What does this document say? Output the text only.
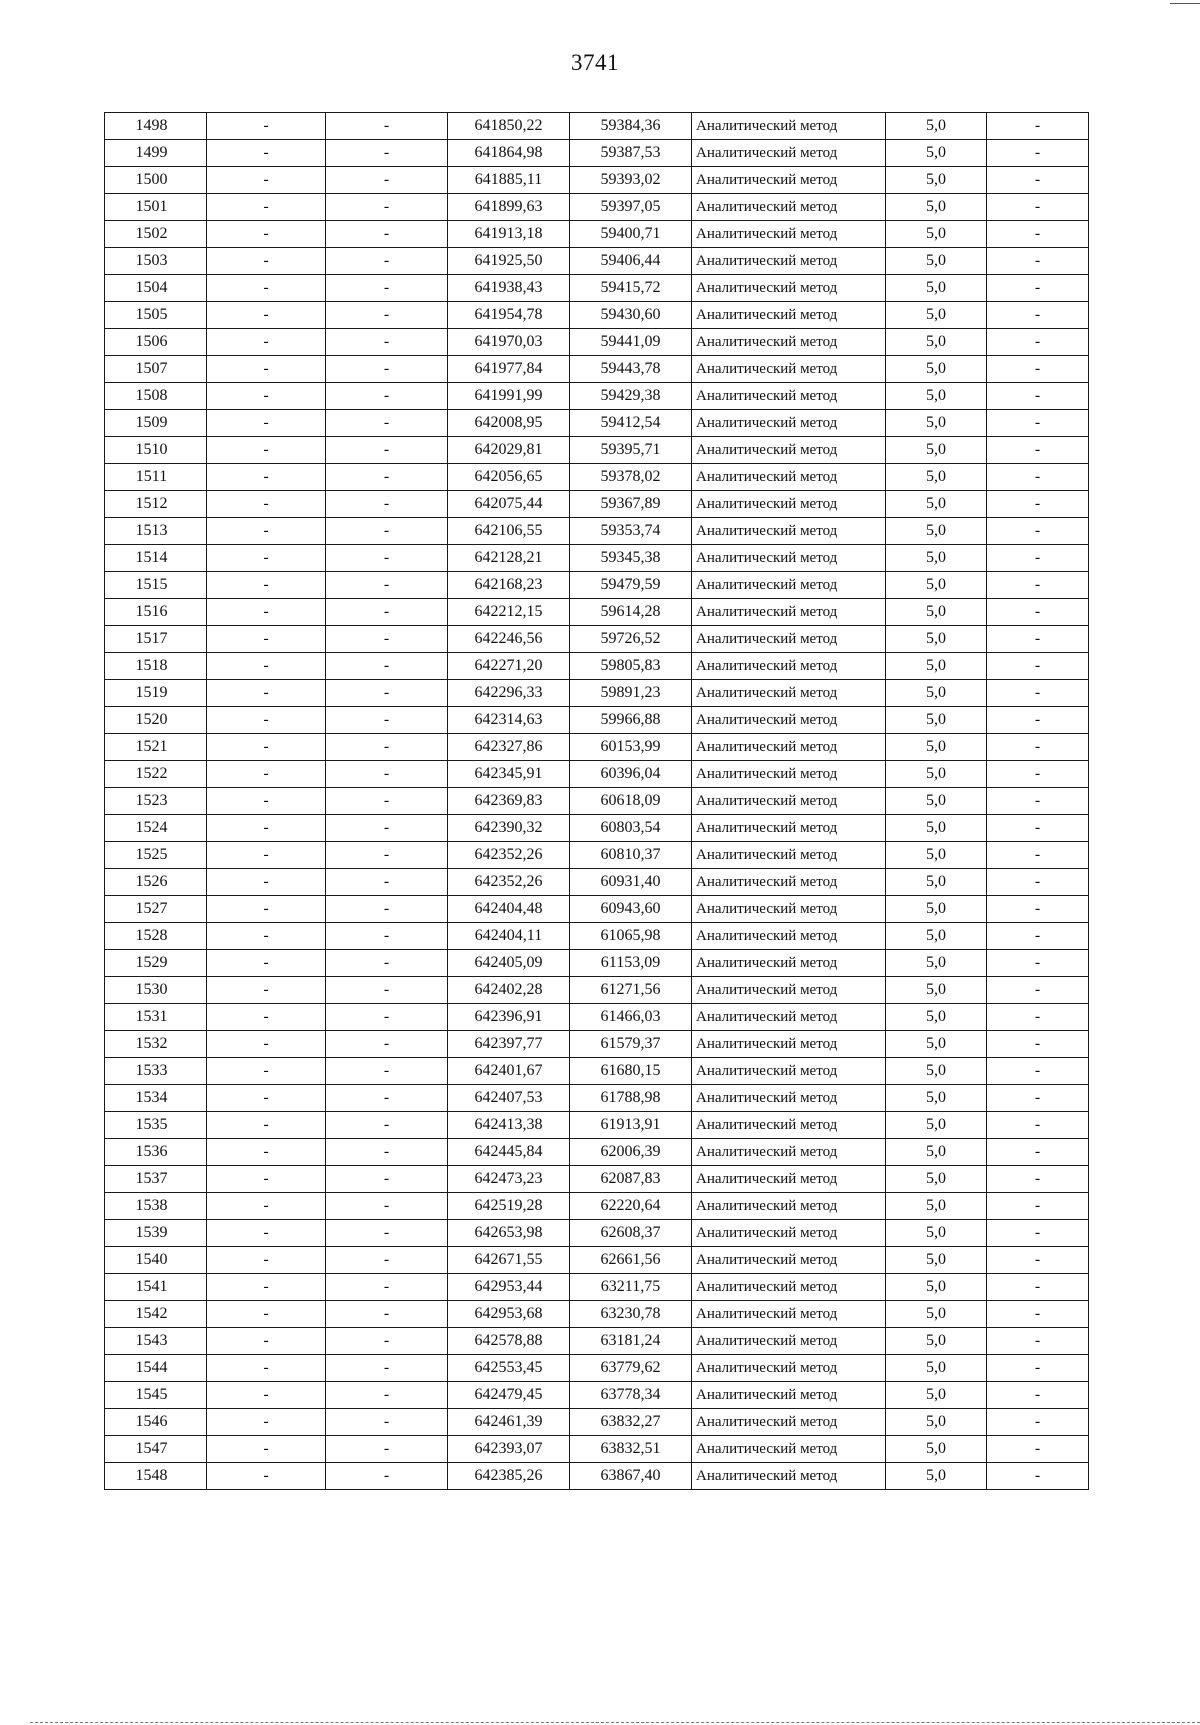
3741
1498	-	-	641850,22	59384,36	Аналитический метод	5,0	-
1499	-	-	641864,98	59387,53	Аналитический метод	5,0	-
1500	-	-	641885,11	59393,02	Аналитический метод	5,0	-
1501	-	-	641899,63	59397,05	Аналитический метод	5,0	-
1502	-	-	641913,18	59400,71	Аналитический метод	5,0	-
1503	-	-	641925,50	59406,44	Аналитический метод	5,0	-
1504	-	-	641938,43	59415,72	Аналитический метод	5,0	-
1505	-	-	641954,78	59430,60	Аналитический метод	5,0	-
1506	-	-	641970,03	59441,09	Аналитический метод	5,0	-
1507	-	-	641977,84	59443,78	Аналитический метод	5,0	-
1508	-	-	641991,99	59429,38	Аналитический метод	5,0	-
1509	-	-	642008,95	59412,54	Аналитический метод	5,0	-
1510	-	-	642029,81	59395,71	Аналитический метод	5,0	-
1511	-	-	642056,65	59378,02	Аналитический метод	5,0	-
1512	-	-	642075,44	59367,89	Аналитический метод	5,0	-
1513	-	-	642106,55	59353,74	Аналитический метод	5,0	-
1514	-	-	642128,21	59345,38	Аналитический метод	5,0	-
1515	-	-	642168,23	59479,59	Аналитический метод	5,0	-
1516	-	-	642212,15	59614,28	Аналитический метод	5,0	-
1517	-	-	642246,56	59726,52	Аналитический метод	5,0	-
1518	-	-	642271,20	59805,83	Аналитический метод	5,0	-
1519	-	-	642296,33	59891,23	Аналитический метод	5,0	-
1520	-	-	642314,63	59966,88	Аналитический метод	5,0	-
1521	-	-	642327,86	60153,99	Аналитический метод	5,0	-
1522	-	-	642345,91	60396,04	Аналитический метод	5,0	-
1523	-	-	642369,83	60618,09	Аналитический метод	5,0	-
1524	-	-	642390,32	60803,54	Аналитический метод	5,0	-
1525	-	-	642352,26	60810,37	Аналитический метод	5,0	-
1526	-	-	642352,26	60931,40	Аналитический метод	5,0	-
1527	-	-	642404,48	60943,60	Аналитический метод	5,0	-
1528	-	-	642404,11	61065,98	Аналитический метод	5,0	-
1529	-	-	642405,09	61153,09	Аналитический метод	5,0	-
1530	-	-	642402,28	61271,56	Аналитический метод	5,0	-
1531	-	-	642396,91	61466,03	Аналитический метод	5,0	-
1532	-	-	642397,77	61579,37	Аналитический метод	5,0	-
1533	-	-	642401,67	61680,15	Аналитический метод	5,0	-
1534	-	-	642407,53	61788,98	Аналитический метод	5,0	-
1535	-	-	642413,38	61913,91	Аналитический метод	5,0	-
1536	-	-	642445,84	62006,39	Аналитический метод	5,0	-
1537	-	-	642473,23	62087,83	Аналитический метод	5,0	-
1538	-	-	642519,28	62220,64	Аналитический метод	5,0	-
1539	-	-	642653,98	62608,37	Аналитический метод	5,0	-
1540	-	-	642671,55	62661,56	Аналитический метод	5,0	-
1541	-	-	642953,44	63211,75	Аналитический метод	5,0	-
1542	-	-	642953,68	63230,78	Аналитический метод	5,0	-
1543	-	-	642578,88	63181,24	Аналитический метод	5,0	-
1544	-	-	642553,45	63779,62	Аналитический метод	5,0	-
1545	-	-	642479,45	63778,34	Аналитический метод	5,0	-
1546	-	-	642461,39	63832,27	Аналитический метод	5,0	-
1547	-	-	642393,07	63832,51	Аналитический метод	5,0	-
1548	-	-	642385,26	63867,40	Аналитический метод	5,0	-
